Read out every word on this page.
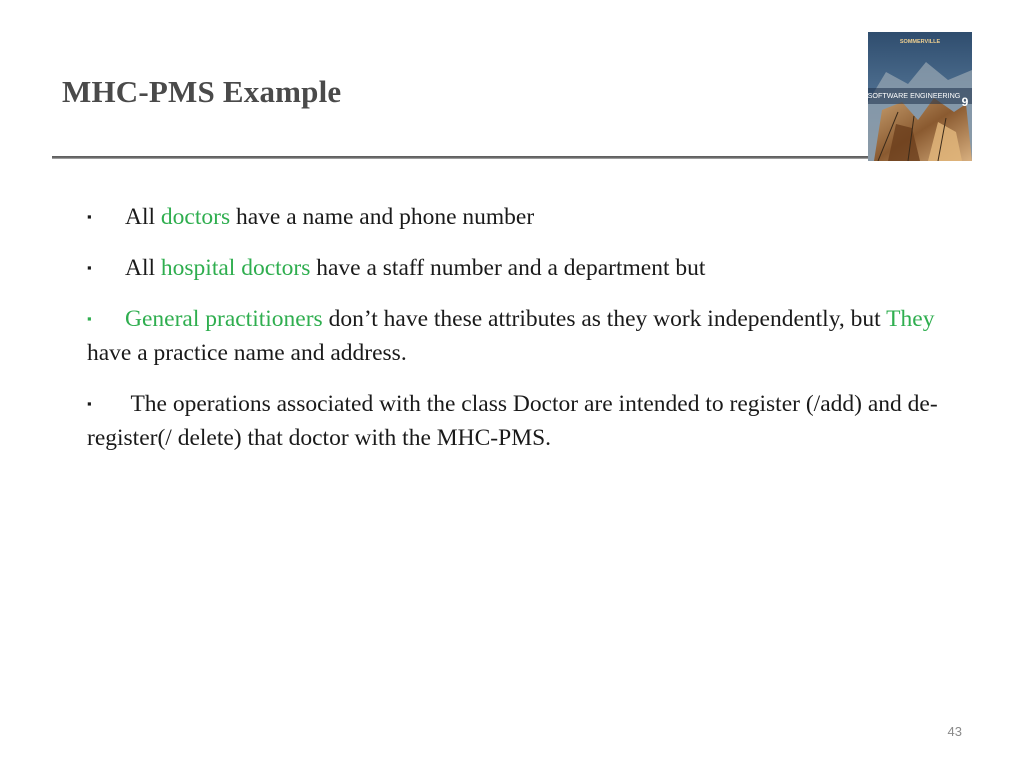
MHC-PMS Example
SOMMERVILLE
SOFTWARE ENGINEERING 9

▪ All doctors have a name and phone number

▪ All hospital doctors have a staff number and a department but

▪ General practitioners don’t have these attributes as they work independently, but They have a practice name and address.

▪ The operations associated with the class Doctor are intended to register (/add) and de-register(/ delete) that doctor with the MHC-PMS.

43
